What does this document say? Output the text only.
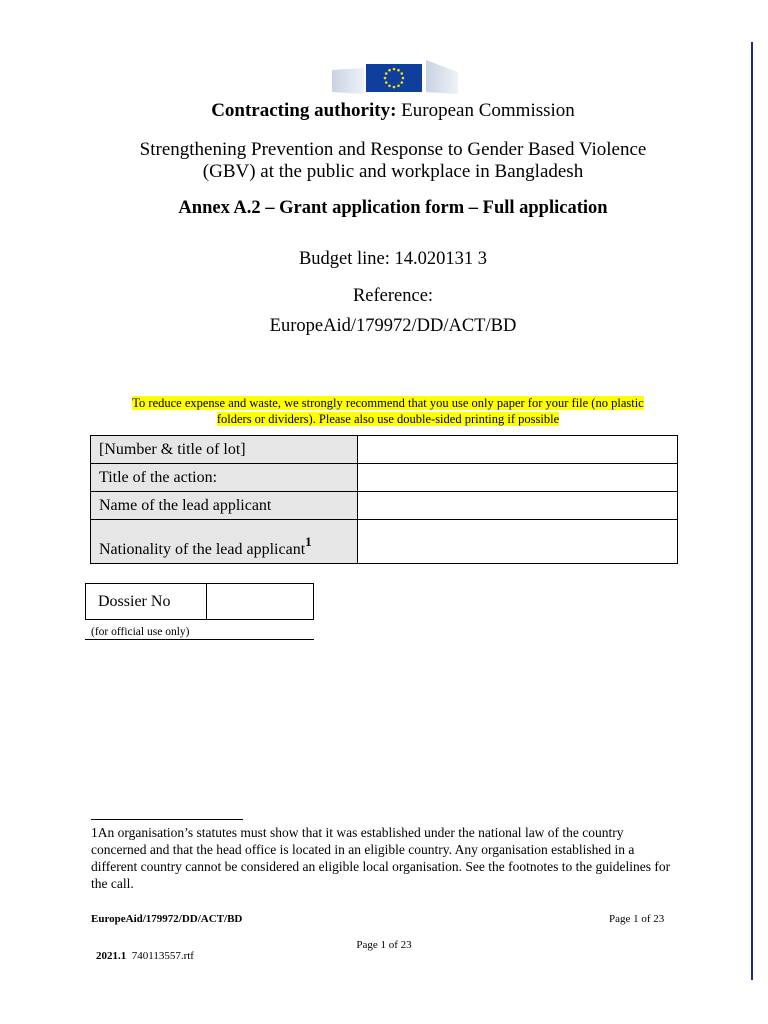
Contracting authority: European Commission
Strengthening Prevention and Response to Gender Based Violence
(GBV) at the public and workplace in Bangladesh
Annex A.2 – Grant application form – Full application
Budget line: 14.020131 3
Reference:
EuropeAid/179972/DD/ACT/BD
To reduce expense and waste, we strongly recommend that you use only paper for your file (no plastic
folders or dividers). Please also use double-sided printing if possible
[Number & title of lot]	
Title of the action:	
Name of the lead applicant	
Nationality of the lead applicant$^1$	
Dossier No	
(for official use only)
1An organisation’s statutes must show that it was established under the national law of the country concerned and that the head office is located in an eligible country. Any organisation established in a different country cannot be considered an eligible local organisation. See the footnotes to the guidelines for the call.
EuropeAid/179972/DD/ACT/BD	Page 1 of 23
Page 1 of 23
2021.1 740113557.rtf
